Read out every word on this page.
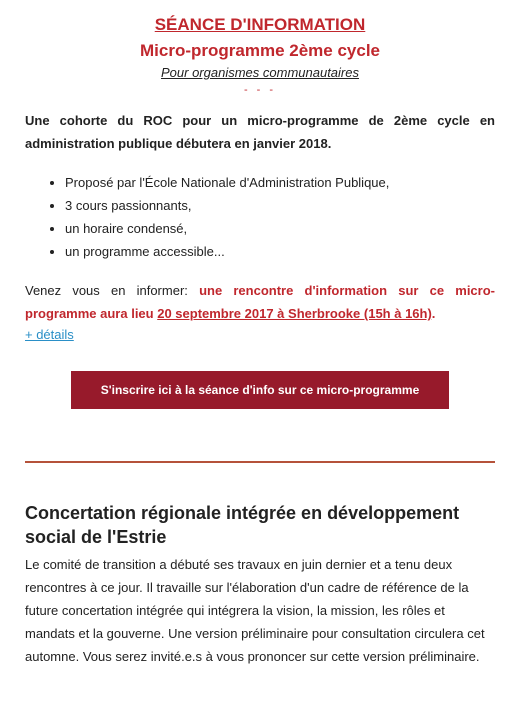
SÉANCE D'INFORMATION
Micro-programme 2ème cycle
Pour organismes communautaires
- - -
Une cohorte du ROC pour un micro-programme de 2ème cycle en administration publique débutera en janvier 2018.
• Proposé par l'École Nationale d'Administration Publique,
• 3 cours passionnants,
• un horaire condensé,
• un programme accessible...
Venez vous en informer: une rencontre d'information sur ce micro-programme aura lieu 20 septembre 2017 à Sherbrooke (15h à 16h).
+ détails
S'inscrire ici à la séance d'info sur ce micro-programme
Concertation régionale intégrée en développement social de l'Estrie
Le comité de transition a débuté ses travaux en juin dernier et a tenu deux rencontres à ce jour. Il travaille sur l'élaboration d'un cadre de référence de la future concertation intégrée qui intégrera la vision, la mission, les rôles et mandats et la gouverne. Une version préliminaire pour consultation circulera cet automne. Vous serez invité.e.s à vous prononcer sur cette version préliminaire.
